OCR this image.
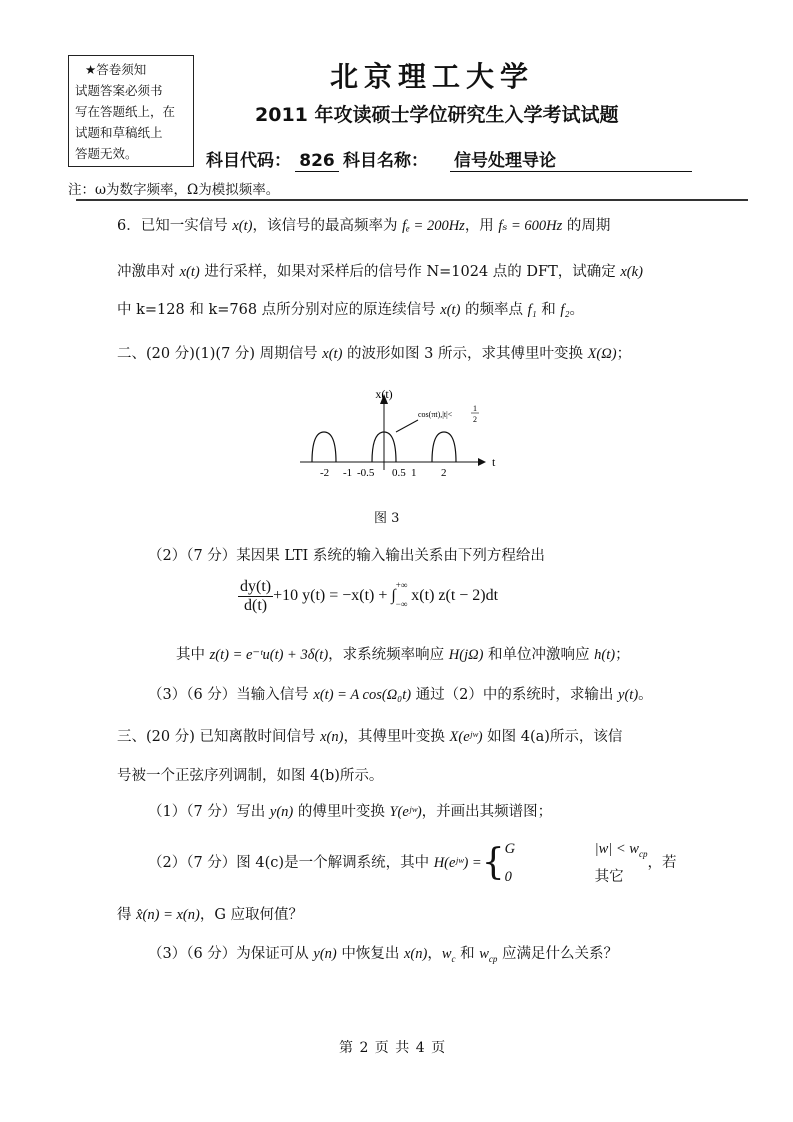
★答卷须知
试题答案必须书
写在答题纸上，在
试题和草稿纸上
答题无效。
北京理工大学
2011 年攻读硕士学位研究生入学考试试题
科目代码： 826 科目名称： 信号处理导论
注：ω为数字频率，Ω为模拟频率。
6．已知一实信号 x(t)，该信号的最高频率为 fₑ = 200Hz，用 fₛ = 600Hz 的周期
冲激串对 x(t) 进行采样，如果对采样后的信号作 N=1024 点的 DFT，试确定 x(k)
中 k=128 和 k=768 点所分别对应的原连续信号 x(t) 的频率点 f₁ 和 f₂。
二、(20 分)(1)(7 分) 周期信号 x(t) 的波形如图 3 所示，求其傅里叶变换 X(Ω)；
x(t)
t
cos(πt),|t|<
1
2
-2 -1 -0.5 0.5 1 2
图 3
（2）（7 分）某因果 LTI 系统的输入输出关系由下列方程给出
$\frac{dy(t)}{d(t)} +10$ y(t) = −x(t) + ∫
+∞
−∞ x(t) z(t − 2)dt
其中 z(t) = e⁻ᵗu(t) + 3δ(t)，求系统频率响应 H(jΩ) 和单位冲激响应 h(t)；
（3）（6 分）当输入信号 x(t) = A cos(Ω₀t) 通过（2）中的系统时，求输出 y(t)。
三、(20 分) 已知离散时间信号 x(n)，其傅里叶变换 X(eʲʷ) 如图 4(a)所示，该信
号被一个正弦序列调制，如图 4(b)所示。
（1）（7 分）写出 y(n) 的傅里叶变换 Y(eʲʷ)，并画出其频谱图；
（2）（7 分）图 4(c)是一个解调系统，其中 H(eʲʷ) ={ G	$|w| < w_{cp}$
0	其它
，若
得 x̂(n) = x(n)，G 应取何值？
（3）（6 分）为保证可从 y(n) 中恢复出 x(n)，$w_c$ 和 $w_{cp}$ 应满足什么关系？
第 2 页 共 4 页
